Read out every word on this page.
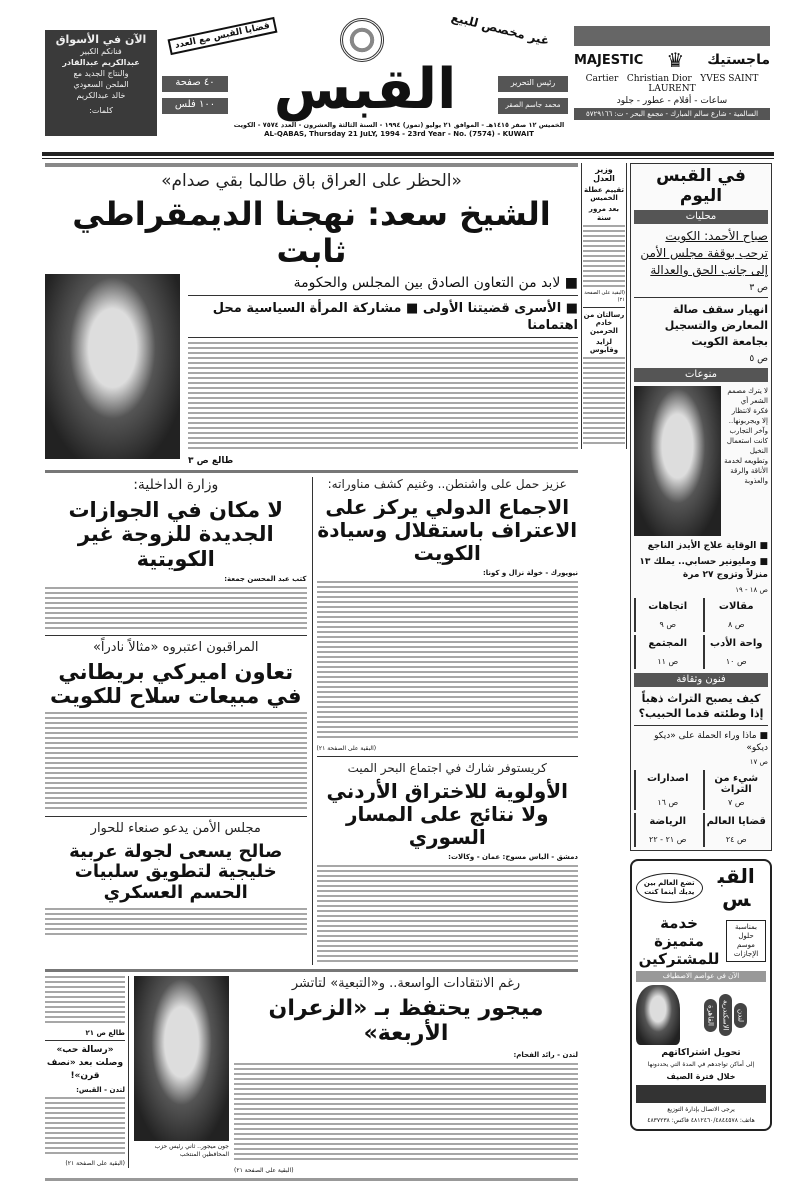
ماجستيك
♛
MAJESTIC
Cartier   Christian Dior   YVES SAINT LAURENT
ساعات - أقلام - عطور - جلود
السالمية - شارع سالم المبارك - مجمع البحر - ت: ٥٧٢٩١٦٦
قضايا القبس مع العدد	غير مخصص للبيع
القبس
٤٠ صفحة
١٠٠ فلس
رئيس التحرير
محمد جاسم الصقر
الخميس ١٢ صفر ١٤١٥هـ - الموافق ٢١ يوليو (تموز) ١٩٩٤ - السنة الثالثة والعشرون - العدد ٧٥٧٤ - الكويت
AL-QABAS, Thursday 21 JuLY, 1994 - 23rd Year - No. (7574) - KUWAIT
الآن في الأسواق
فنانكم الكبير
عبدالكريم عبدالقادر
والنتاج الجديد مع
الملحن السعودي
خالد عبدالكريم
كلمات:
في القبس اليوم
محليات
صباح الأحمد: الكويت ترحب بوقفة مجلس الأمن إلى جانب الحق والعدالة
ص ٣
انهيار سقف صالة المعارض والتسجيل بجامعة الكويت
ص ٥
منوعات
لا يترك مصمم الشعر أي فكرة لانتظار إلا ويجربونها.. وآخر التجارب كانت استعمال النخيل وتطويعه لخدمة الأناقة والرقة والعذوبة
■ الوقاية علاج الأيدز الناجع
■ ومليونير حسابي.. يملك ١٣ منزلاً وتزوج ٢٧ مرة
ص ١٨ - ١٩
مقالات
ص ٨
اتجاهات
ص ٩
واحة الأدب
ص ١٠
المجتمع
ص ١١
فنون وثقافة
كيف يصبح التراث ذهباً إذا وطئته قدما الحبيب؟
■ ماذا وراء الحملة على «ديكو ديكو»
ص ١٧
شيء من التراث
ص ٧
اصدارات
ص ١٦
قضايا العالم
ص ٢٤
الرياضة
ص ٢١ - ٢٢
القبس
تضع العالم بين يديك أينما كنت
بمناسبة حلول موسم الإجازات
خدمة متميزة للمشتركين
الآن في عواصم الاصطياف
لندنالاسكندريةالقاهرة
تحويل اشتراكاتهم
إلى أماكن تواجدهم في المدة التي يحددونها
خلال فترة الصيف
يرجى الاتصال بإدارة التوزيع
هاتف: ٤٨١٢٤٦٠/٤٨٤٤٥٧٨ فاكس: ٤٨٣٧٢٣٨
وزير العدل
تقييم عطلة الخميس
بعد مرور سنة
(البقية على الصفحة ٢١)
رسالتان من خادم الحرمين
لزايد وقابوس
«الحظر على العراق باق طالما بقي صدام»
الشيخ سعد: نهجنا الديمقراطي ثابت
■ لابد من التعاون الصادق بين المجلس والحكومة
■ الأسرى قضيتنا الأولى ■ مشاركة المرأة السياسية محل اهتمامنا
طالع ص ٣
عزيز حمل على واشنطن.. وغنيم كشف مناوراته:
الاجماع الدولي يركز على الاعتراف باستقلال وسيادة الكويت
نيويورك - خولة نزال و كونا:
(البقية على الصفحة ٢١)
كريستوفر شارك في اجتماع البحر الميت
الأولوية للاختراق الأردني ولا نتائج على المسار السوري
دمشق - الياس مسوح: عمان - وكالات:
وزارة الداخلية:
لا مكان في الجوازات الجديدة للزوجة غير الكويتية
كتب عبد المحسن جمعة:
المراقبون اعتبروه «مثالاً نادراً»
تعاون اميركي بريطاني في مبيعات سلاح للكويت
مجلس الأمن يدعو صنعاء للحوار
صالح يسعى لجولة عربية خليجية لتطويق سلبيات الحسم العسكري
رغم الانتقادات الواسعة.. و«التبعية» لتاتشر
ميجور يحتفظ بـ «الزعران الأربعة»
لندن - رائد الفحام:
(البقية على الصفحة ٢١)
جون ميجور.. ثاني رئيس حزب المحافظين المنتخب
طالع ص ٢١
«رسالة حب» وصلت بعد «نصف قرن»!
لندن - القبس:
(البقية على الصفحة ٢١)
